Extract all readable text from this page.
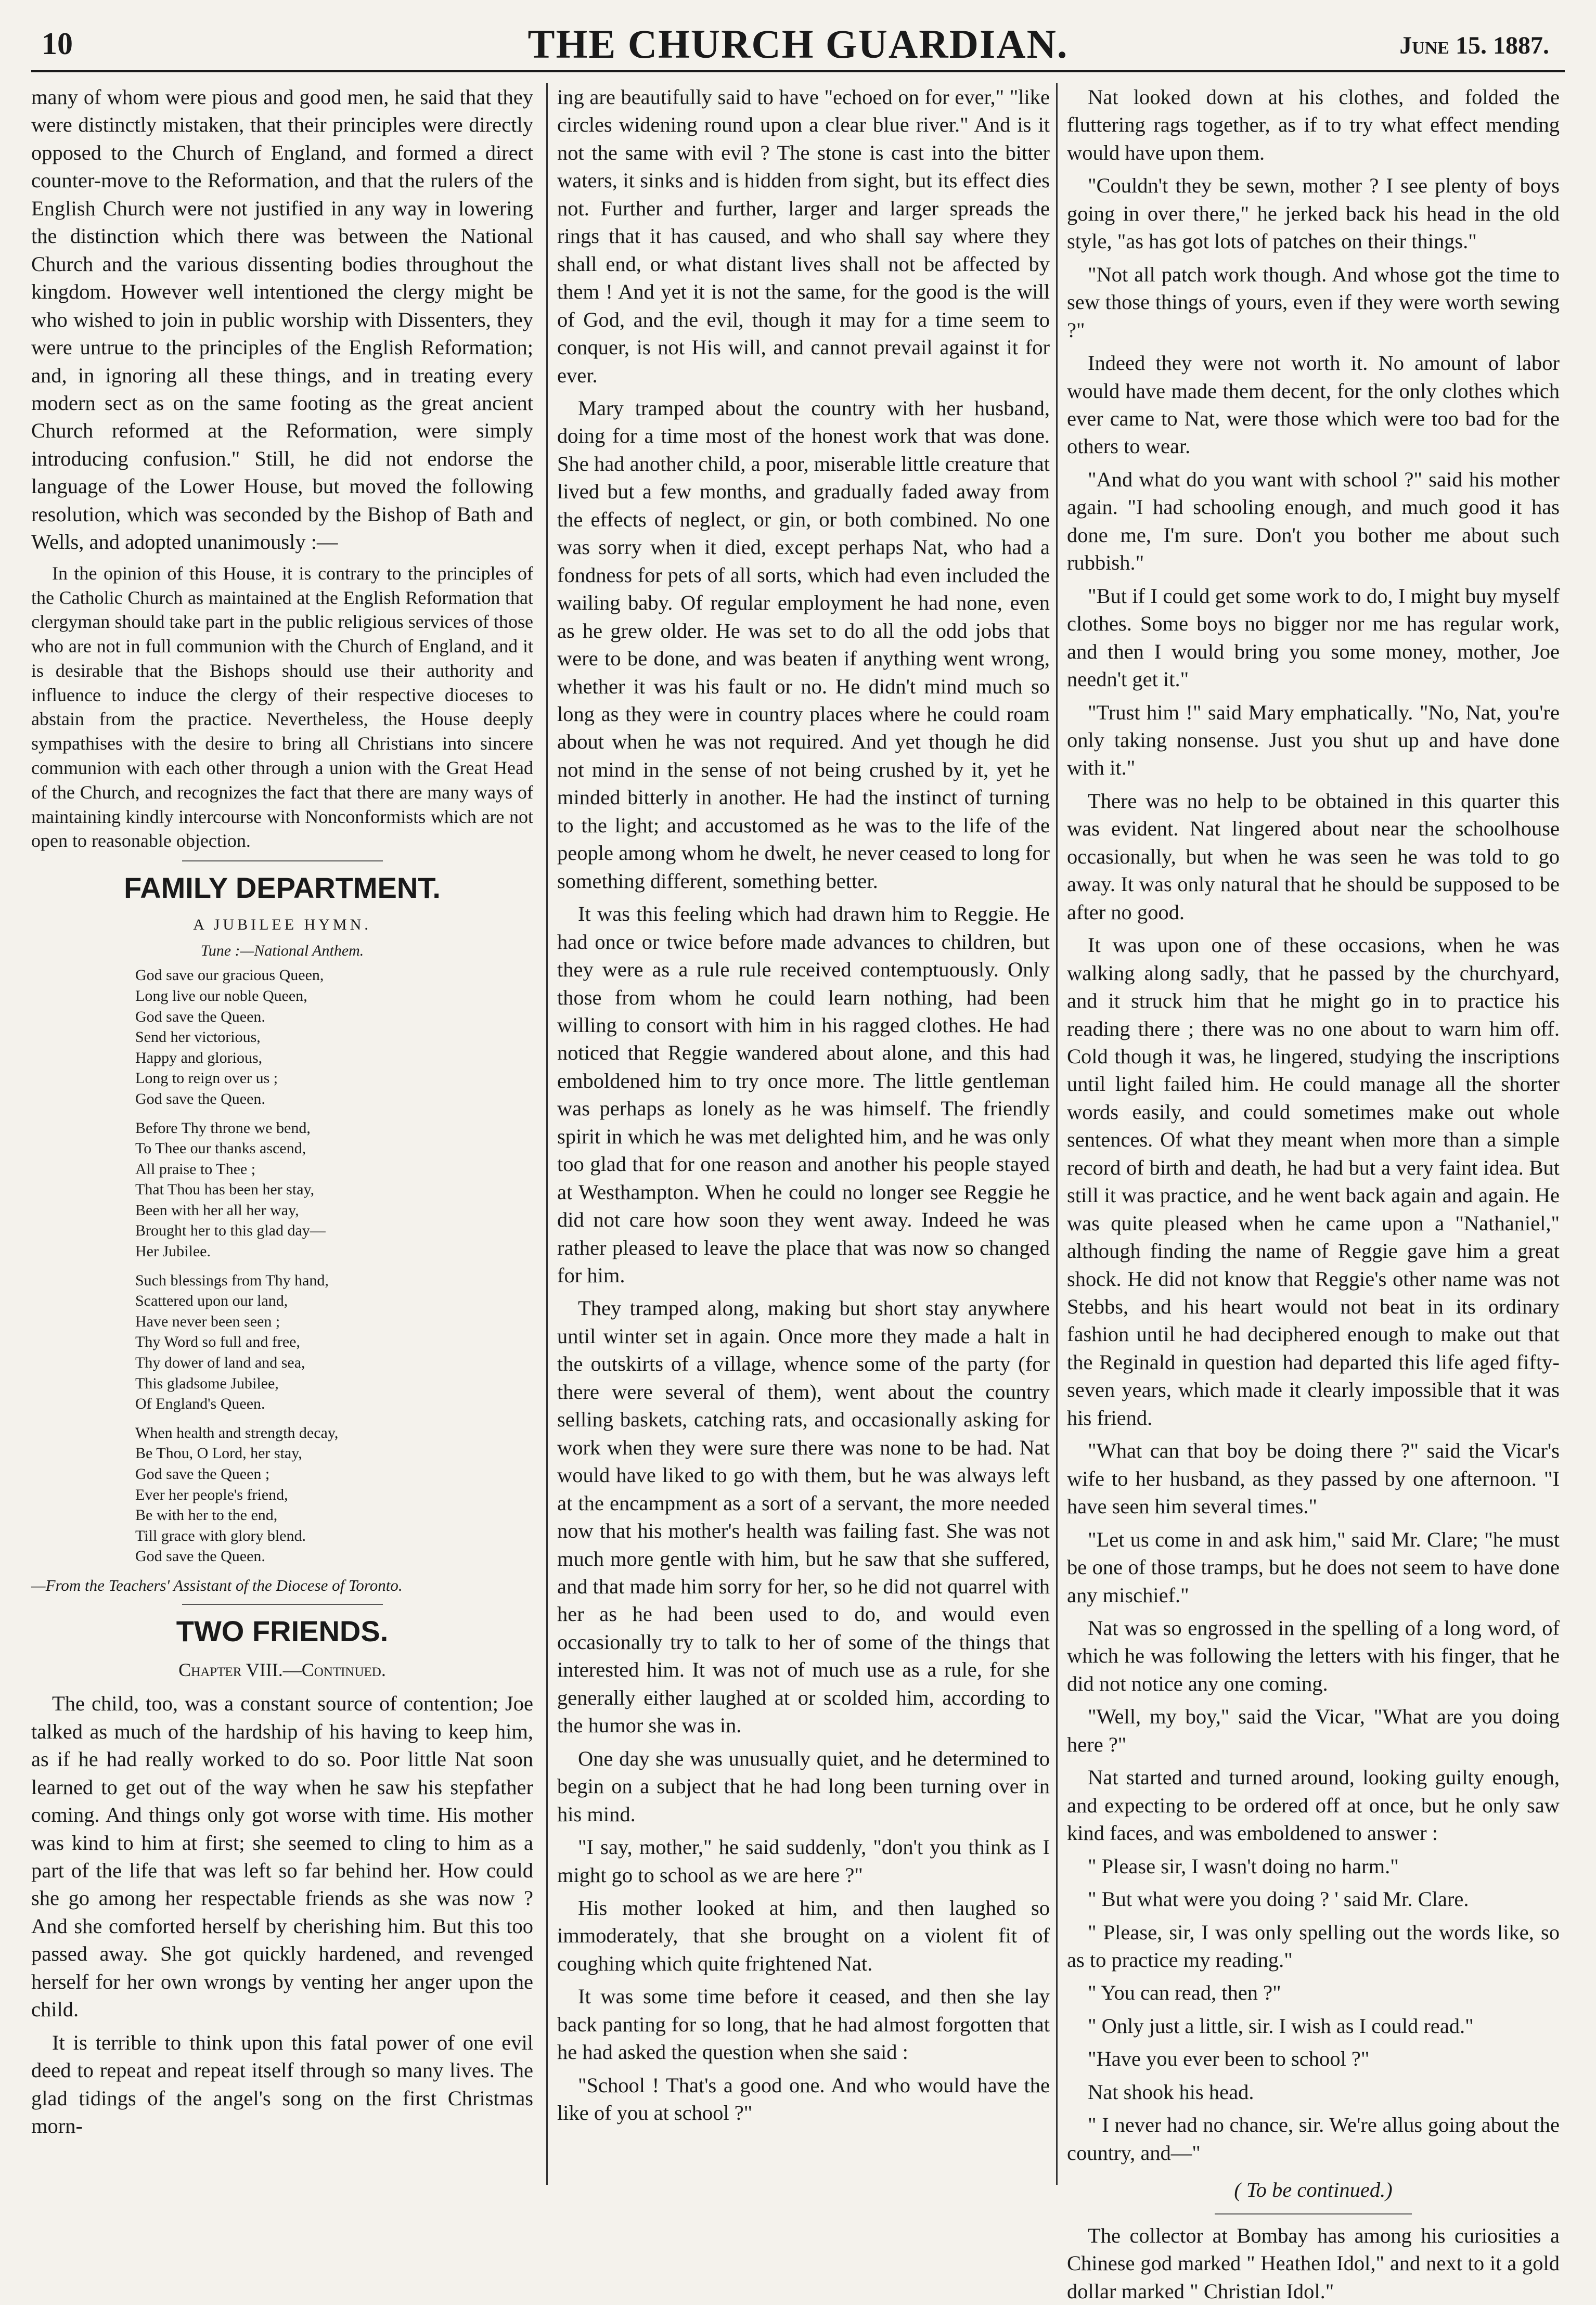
10	THE CHURCH GUARDIAN.	June 15. 1887.

many of whom were pious and good men, he said that they were distinctly mistaken, that their principles were directly opposed to the Church of England, and formed a direct counter-move to the Reformation, and that the rulers of the English Church were not justified in any way in lowering the distinction which there was between the National Church and the various dissenting bodies throughout the kingdom. However well intentioned the clergy might be who wished to join in public worship with Dissenters, they were untrue to the principles of the English Reformation; and, in ignoring all these things, and in treating every modern sect as on the same footing as the great ancient Church reformed at the Reformation, were simply introducing confusion." Still, he did not endorse the language of the Lower House, but moved the following resolution, which was seconded by the Bishop of Bath and Wells, and adopted unanimously :—

In the opinion of this House, it is contrary to the principles of the Catholic Church as maintained at the English Reformation that clergyman should take part in the public religious services of those who are not in full communion with the Church of England, and it is desirable that the Bishops should use their authority and influence to induce the clergy of their respective dioceses to abstain from the practice. Nevertheless, the House deeply sympathises with the desire to bring all Christians into sincere communion with each other through a union with the Great Head of the Church, and recognizes the fact that there are many ways of maintaining kindly intercourse with Nonconformists which are not open to reasonable objection.

FAMILY DEPARTMENT.
A JUBILEE HYMN.
Tune :—National Anthem.
God save our gracious Queen,
Long live our noble Queen,
God save the Queen.
Send her victorious,
Happy and glorious,
Long to reign over us ;
God save the Queen.
Before Thy throne we bend,
To Thee our thanks ascend,
All praise to Thee ;
That Thou has been her stay,
Been with her all her way,
Brought her to this glad day—
Her Jubilee.
Such blessings from Thy hand,
Scattered upon our land,
Have never been seen ;
Thy Word so full and free,
Thy dower of land and sea,
This gladsome Jubilee,
Of England's Queen.
When health and strength decay,
Be Thou, O Lord, her stay,
God save the Queen ;
Ever her people's friend,
Be with her to the end,
Till grace with glory blend.
God save the Queen.
—From the Teachers' Assistant of the Diocese of Toronto.
TWO FRIENDS.
Chapter VIII.—Continued.

The child, too, was a constant source of contention; Joe talked as much of the hardship of his having to keep him, as if he had really worked to do so. Poor little Nat soon learned to get out of the way when he saw his stepfather coming. And things only got worse with time. His mother was kind to him at first; she seemed to cling to him as a part of the life that was left so far behind her. How could she go among her respectable friends as she was now ? And she comforted herself by cherishing him. But this too passed away. She got quickly hardened, and revenged herself for her own wrongs by venting her anger upon the child.

It is terrible to think upon this fatal power of one evil deed to repeat and repeat itself through so many lives. The glad tidings of the angel's song on the first Christmas morn-

ing are beautifully said to have "echoed on for ever," "like circles widening round upon a clear blue river." And is it not the same with evil ? The stone is cast into the bitter waters, it sinks and is hidden from sight, but its effect dies not. Further and further, larger and larger spreads the rings that it has caused, and who shall say where they shall end, or what distant lives shall not be affected by them ! And yet it is not the same, for the good is the will of God, and the evil, though it may for a time seem to conquer, is not His will, and cannot prevail against it for ever.

Mary tramped about the country with her husband, doing for a time most of the honest work that was done. She had another child, a poor, miserable little creature that lived but a few months, and gradually faded away from the effects of neglect, or gin, or both combined. No one was sorry when it died, except perhaps Nat, who had a fondness for pets of all sorts, which had even included the wailing baby. Of regular employment he had none, even as he grew older. He was set to do all the odd jobs that were to be done, and was beaten if anything went wrong, whether it was his fault or no. He didn't mind much so long as they were in country places where he could roam about when he was not required. And yet though he did not mind in the sense of not being crushed by it, yet he minded bitterly in another. He had the instinct of turning to the light; and accustomed as he was to the life of the people among whom he dwelt, he never ceased to long for something different, something better.

It was this feeling which had drawn him to Reggie. He had once or twice before made advances to children, but they were as a rule rule received contemptuously. Only those from whom he could learn nothing, had been willing to consort with him in his ragged clothes. He had noticed that Reggie wandered about alone, and this had emboldened him to try once more. The little gentleman was perhaps as lonely as he was himself. The friendly spirit in which he was met delighted him, and he was only too glad that for one reason and another his people stayed at Westhampton. When he could no longer see Reggie he did not care how soon they went away. Indeed he was rather pleased to leave the place that was now so changed for him.

They tramped along, making but short stay anywhere until winter set in again. Once more they made a halt in the outskirts of a village, whence some of the party (for there were several of them), went about the country selling baskets, catching rats, and occasionally asking for work when they were sure there was none to be had. Nat would have liked to go with them, but he was always left at the encampment as a sort of a servant, the more needed now that his mother's health was failing fast. She was not much more gentle with him, but he saw that she suffered, and that made him sorry for her, so he did not quarrel with her as he had been used to do, and would even occasionally try to talk to her of some of the things that interested him. It was not of much use as a rule, for she generally either laughed at or scolded him, according to the humor she was in.

One day she was unusually quiet, and he determined to begin on a subject that he had long been turning over in his mind.

"I say, mother," he said suddenly, "don't you think as I might go to school as we are here ?"

His mother looked at him, and then laughed so immoderately, that she brought on a violent fit of coughing which quite frightened Nat.

It was some time before it ceased, and then she lay back panting for so long, that he had almost forgotten that he had asked the question when she said :

"School ! That's a good one. And who would have the like of you at school ?"

Nat looked down at his clothes, and folded the fluttering rags together, as if to try what effect mending would have upon them.

"Couldn't they be sewn, mother ? I see plenty of boys going in over there," he jerked back his head in the old style, "as has got lots of patches on their things."

"Not all patch work though. And whose got the time to sew those things of yours, even if they were worth sewing ?"

Indeed they were not worth it. No amount of labor would have made them decent, for the only clothes which ever came to Nat, were those which were too bad for the others to wear.

"And what do you want with school ?" said his mother again. "I had schooling enough, and much good it has done me, I'm sure. Don't you bother me about such rubbish."

"But if I could get some work to do, I might buy myself clothes. Some boys no bigger nor me has regular work, and then I would bring you some money, mother, Joe needn't get it."

"Trust him !" said Mary emphatically. "No, Nat, you're only taking nonsense. Just you shut up and have done with it."

There was no help to be obtained in this quarter this was evident. Nat lingered about near the schoolhouse occasionally, but when he was seen he was told to go away. It was only natural that he should be supposed to be after no good.

It was upon one of these occasions, when he was walking along sadly, that he passed by the churchyard, and it struck him that he might go in to practice his reading there ; there was no one about to warn him off. Cold though it was, he lingered, studying the inscriptions until light failed him. He could manage all the shorter words easily, and could sometimes make out whole sentences. Of what they meant when more than a simple record of birth and death, he had but a very faint idea. But still it was practice, and he went back again and again. He was quite pleased when he came upon a "Nathaniel," although finding the name of Reggie gave him a great shock. He did not know that Reggie's other name was not Stebbs, and his heart would not beat in its ordinary fashion until he had deciphered enough to make out that the Reginald in question had departed this life aged fifty-seven years, which made it clearly impossible that it was his friend.

"What can that boy be doing there ?" said the Vicar's wife to her husband, as they passed by one afternoon. "I have seen him several times."

"Let us come in and ask him," said Mr. Clare; "he must be one of those tramps, but he does not seem to have done any mischief."

Nat was so engrossed in the spelling of a long word, of which he was following the letters with his finger, that he did not notice any one coming.

"Well, my boy," said the Vicar, "What are you doing here ?"

Nat started and turned around, looking guilty enough, and expecting to be ordered off at once, but he only saw kind faces, and was emboldened to answer :

" Please sir, I wasn't doing no harm."

" But what were you doing ? ' said Mr. Clare.

" Please, sir, I was only spelling out the words like, so as to practice my reading."

" You can read, then ?"

" Only just a little, sir. I wish as I could read."

"Have you ever been to school ?"

Nat shook his head.

" I never had no chance, sir. We're allus going about the country, and—"

( To be continued.)

The collector at Bombay has among his curiosities a Chinese god marked " Heathen Idol," and next to it a gold dollar marked " Christian Idol."
